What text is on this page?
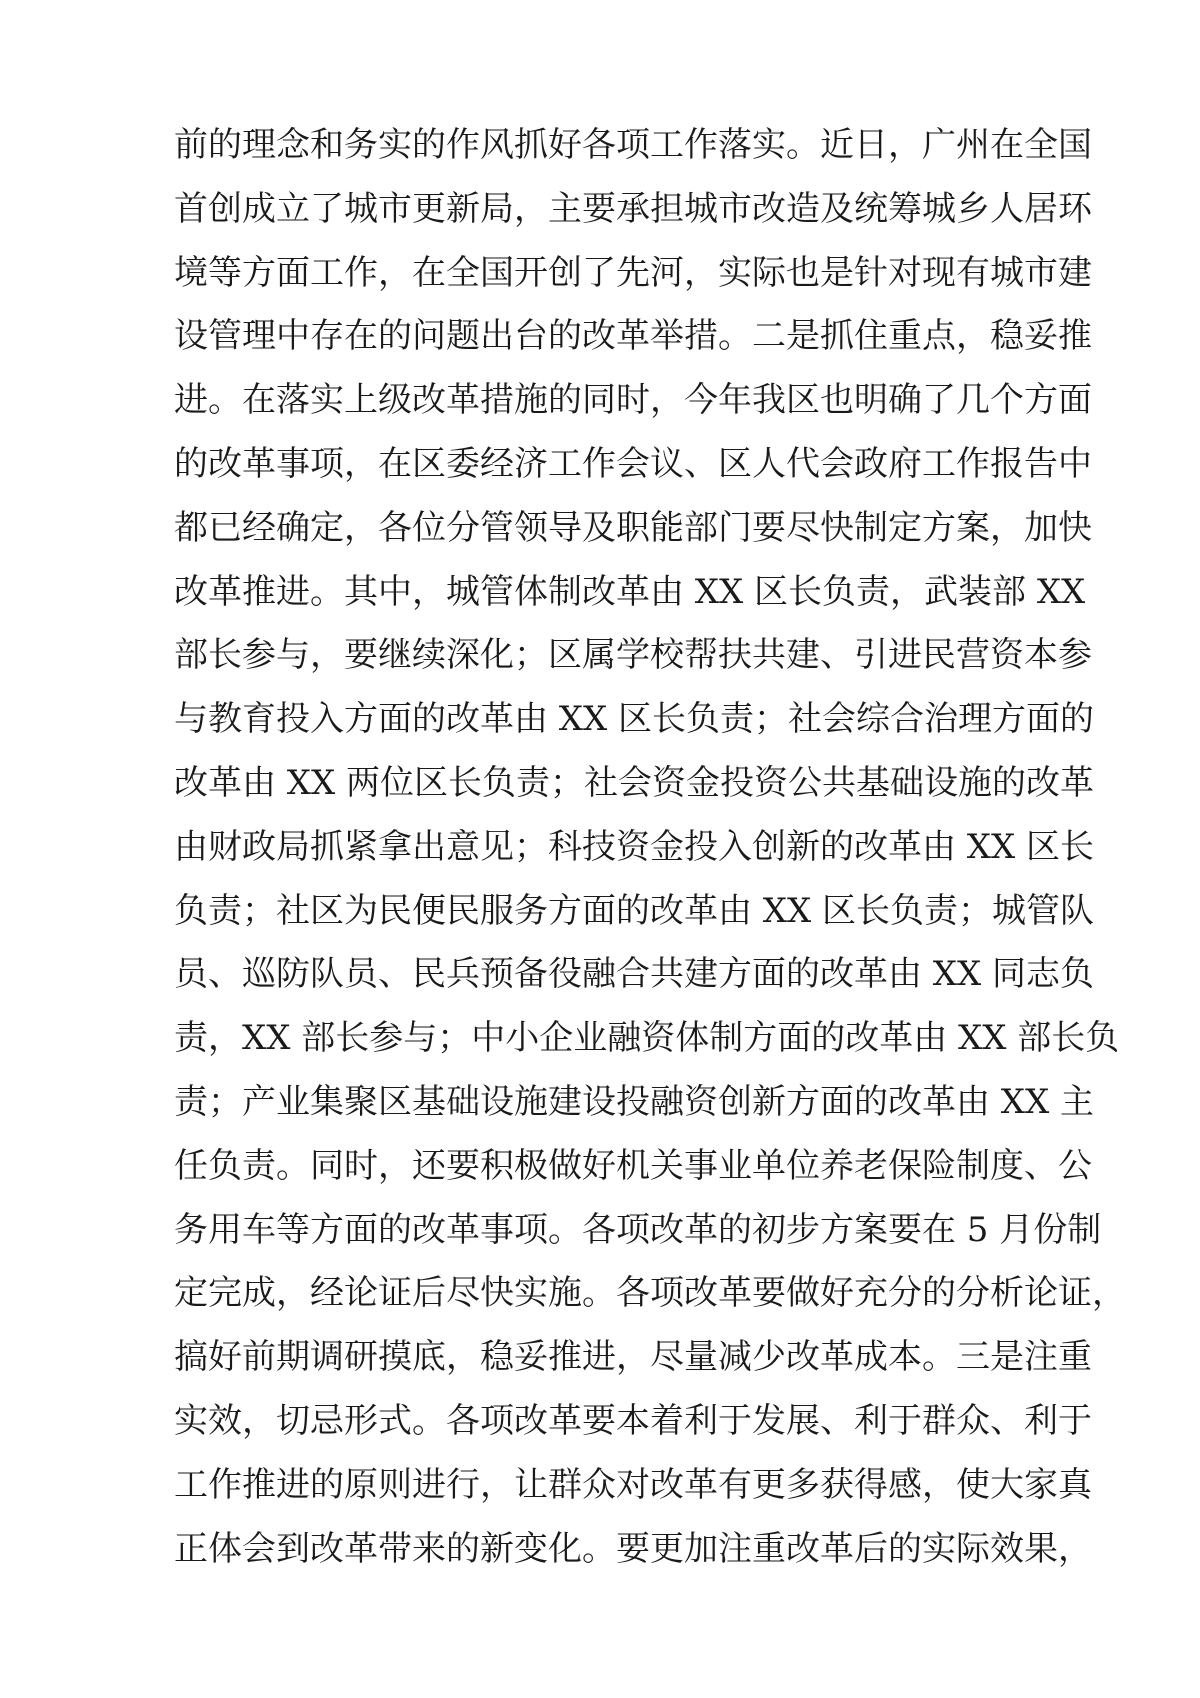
前的理念和务实的作风抓好各项工作落实。近日，广州在全国
首创成立了城市更新局，主要承担城市改造及统筹城乡人居环
境等方面工作，在全国开创了先河，实际也是针对现有城市建
设管理中存在的问题出台的改革举措。二是抓住重点，稳妥推
进。在落实上级改革措施的同时，今年我区也明确了几个方面
的改革事项，在区委经济工作会议、区人代会政府工作报告中
都已经确定，各位分管领导及职能部门要尽快制定方案，加快
改革推进。其中，城管体制改革由 XX 区长负责，武装部 XX
部长参与，要继续深化；区属学校帮扶共建、引进民营资本参
与教育投入方面的改革由 XX 区长负责；社会综合治理方面的
改革由 XX 两位区长负责；社会资金投资公共基础设施的改革
由财政局抓紧拿出意见；科技资金投入创新的改革由 XX 区长
负责；社区为民便民服务方面的改革由 XX 区长负责；城管队
员、巡防队员、民兵预备役融合共建方面的改革由 XX 同志负
责，XX 部长参与；中小企业融资体制方面的改革由 XX 部长负
责；产业集聚区基础设施建设投融资创新方面的改革由 XX 主
任负责。同时，还要积极做好机关事业单位养老保险制度、公
务用车等方面的改革事项。各项改革的初步方案要在 5 月份制
定完成，经论证后尽快实施。各项改革要做好充分的分析论证，
搞好前期调研摸底，稳妥推进，尽量减少改革成本。三是注重
实效，切忌形式。各项改革要本着利于发展、利于群众、利于
工作推进的原则进行，让群众对改革有更多获得感，使大家真
正体会到改革带来的新变化。要更加注重改革后的实际效果，
